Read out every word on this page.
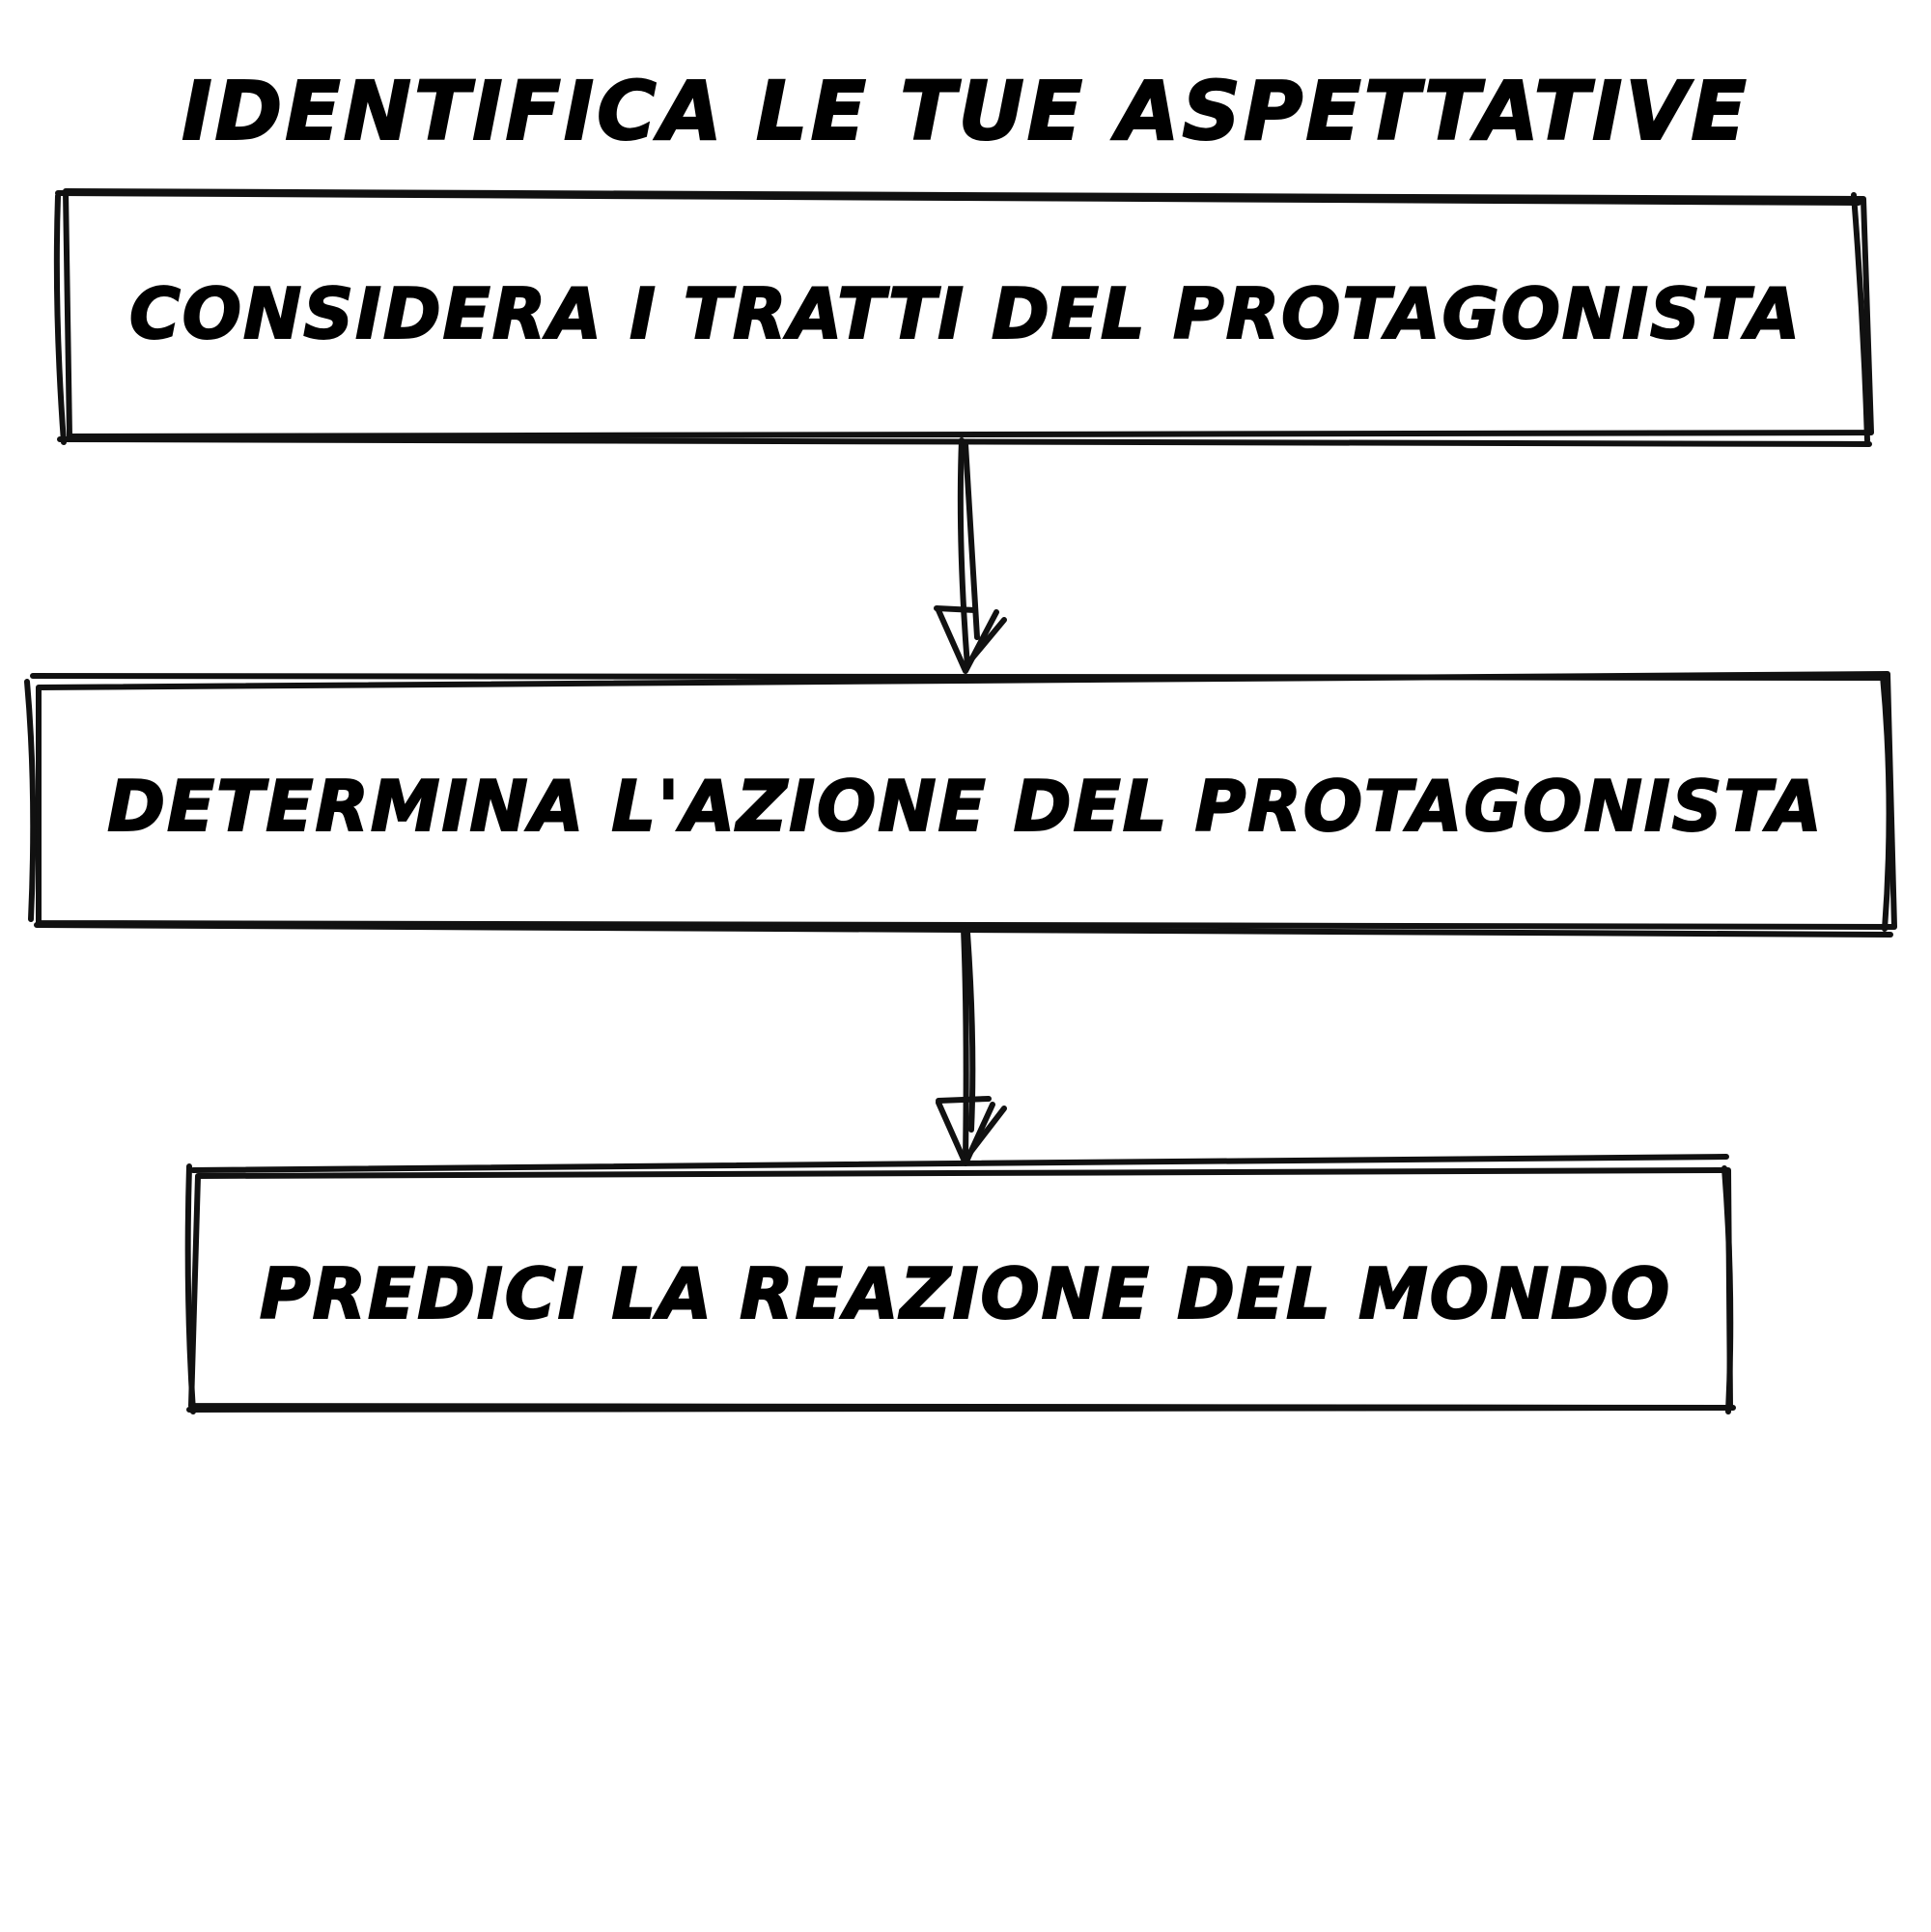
IDENTIFICA LE TUE ASPETTATIVE
CONSIDERA I TRATTI DEL PROTAGONISTA
DETERMINA L'AZIONE DEL PROTAGONISTA
PREDICI LA REAZIONE DEL MONDO
